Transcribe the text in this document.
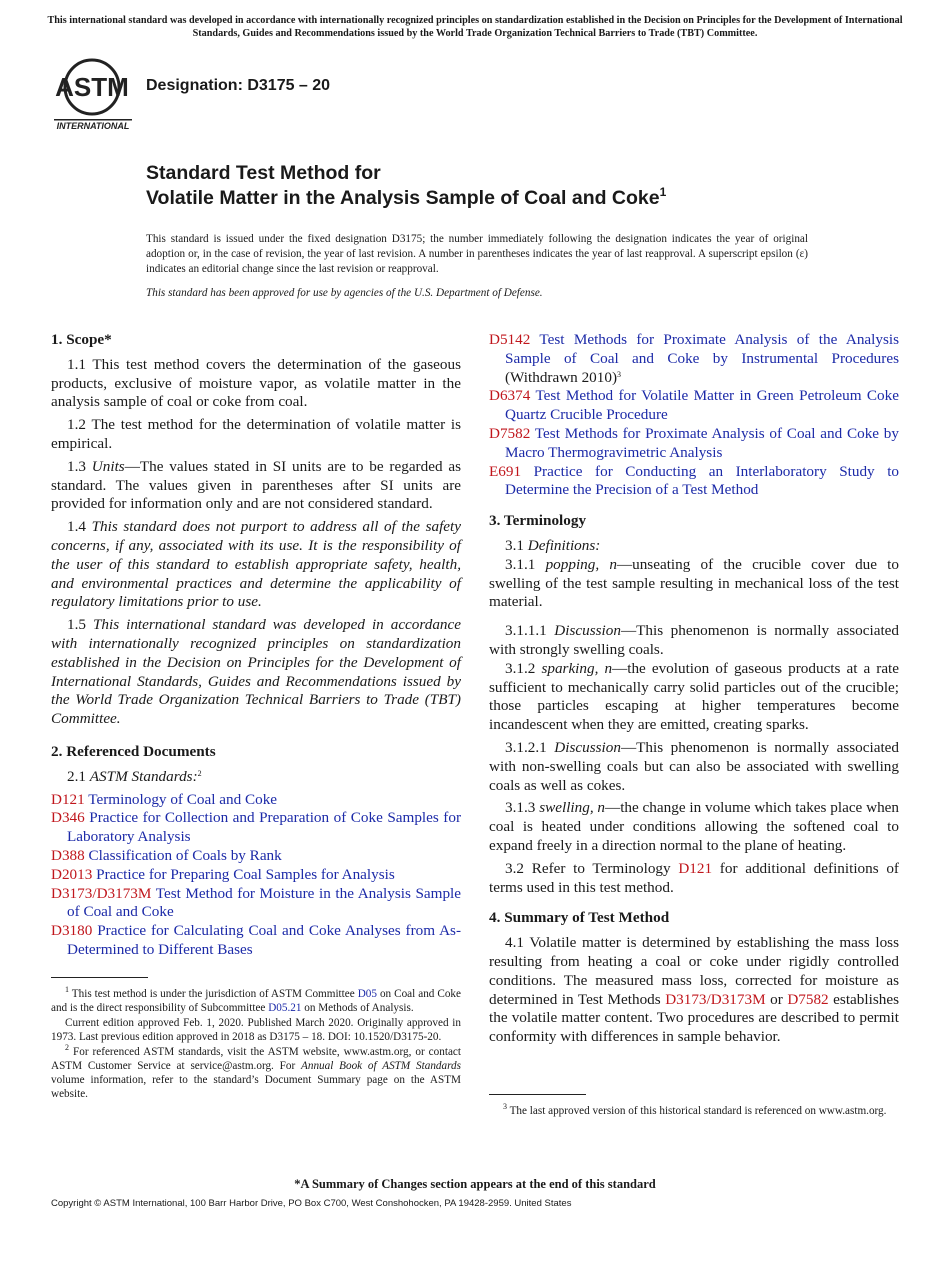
This international standard was developed in accordance with internationally recognized principles on standardization established in the Decision on Principles for the Development of International Standards, Guides and Recommendations issued by the World Trade Organization Technical Barriers to Trade (TBT) Committee.
ASTM
INTERNATIONAL
Designation: D3175 – 20
Standard Test Method for
Volatile Matter in the Analysis Sample of Coal and Coke$^1$
This standard is issued under the fixed designation D3175; the number immediately following the designation indicates the year of original adoption or, in the case of revision, the year of last revision. A number in parentheses indicates the year of last reapproval. A superscript epsilon (ε) indicates an editorial change since the last revision or reapproval.
This standard has been approved for use by agencies of the U.S. Department of Defense.
1. Scope*

1.1 This test method covers the determination of the gaseous products, exclusive of moisture vapor, as volatile matter in the analysis sample of coal or coke from coal.

1.2 The test method for the determination of volatile matter is empirical.

1.3 Units—The values stated in SI units are to be regarded as standard. The values given in parentheses after SI units are provided for information only and are not considered standard.

1.4 This standard does not purport to address all of the safety concerns, if any, associated with its use. It is the responsibility of the user of this standard to establish appropriate safety, health, and environmental practices and determine the applicability of regulatory limitations prior to use.

1.5 This international standard was developed in accordance with internationally recognized principles on standardization established in the Decision on Principles for the Development of International Standards, Guides and Recommendations issued by the World Trade Organization Technical Barriers to Trade (TBT) Committee.

2. Referenced Documents

2.1 ASTM Standards:$^2$

D121 Terminology of Coal and Coke

D346 Practice for Collection and Preparation of Coke Samples for Laboratory Analysis

D388 Classification of Coals by Rank

D2013 Practice for Preparing Coal Samples for Analysis

D3173/D3173M Test Method for Moisture in the Analysis Sample of Coal and Coke

D3180 Practice for Calculating Coal and Coke Analyses from As-Determined to Different Bases

$^1$ This test method is under the jurisdiction of ASTM Committee D05 on Coal and Coke and is the direct responsibility of Subcommittee D05.21 on Methods of Analysis.

Current edition approved Feb. 1, 2020. Published March 2020. Originally approved in 1973. Last previous edition approved in 2018 as D3175 – 18. DOI: 10.1520/D3175-20.

$^2$ For referenced ASTM standards, visit the ASTM website, www.astm.org, or contact ASTM Customer Service at service@astm.org. For Annual Book of ASTM Standards volume information, refer to the standard’s Document Summary page on the ASTM website.

D5142 Test Methods for Proximate Analysis of the Analysis Sample of Coal and Coke by Instrumental Procedures (Withdrawn 2010)$^3$

D6374 Test Method for Volatile Matter in Green Petroleum Coke Quartz Crucible Procedure

D7582 Test Methods for Proximate Analysis of Coal and Coke by Macro Thermogravimetric Analysis

E691 Practice for Conducting an Interlaboratory Study to Determine the Precision of a Test Method

3. Terminology

3.1 Definitions:

3.1.1 popping, n—unseating of the crucible cover due to swelling of the test sample resulting in mechanical loss of the test material.

3.1.1.1 Discussion—This phenomenon is normally associated with strongly swelling coals.

3.1.2 sparking, n—the evolution of gaseous products at a rate sufficient to mechanically carry solid particles out of the crucible; those particles escaping at higher temperatures become incandescent when they are emitted, creating sparks.

3.1.2.1 Discussion—This phenomenon is normally associated with non-swelling coals but can also be associated with swelling coals as well as cokes.

3.1.3 swelling, n—the change in volume which takes place when coal is heated under conditions allowing the softened coal to expand freely in a direction normal to the plane of heating.

3.2 Refer to Terminology D121 for additional definitions of terms used in this test method.

4. Summary of Test Method

4.1 Volatile matter is determined by establishing the mass loss resulting from heating a coal or coke under rigidly controlled conditions. The measured mass loss, corrected for moisture as determined in Test Methods D3173/D3173M or D7582 establishes the volatile matter content. Two procedures are described to permit conformity with differences in sample behavior.

$^3$ The last approved version of this historical standard is referenced on www.astm.org.

*A Summary of Changes section appears at the end of this standard
Copyright © ASTM International, 100 Barr Harbor Drive, PO Box C700, West Conshohocken, PA 19428-2959. United States
